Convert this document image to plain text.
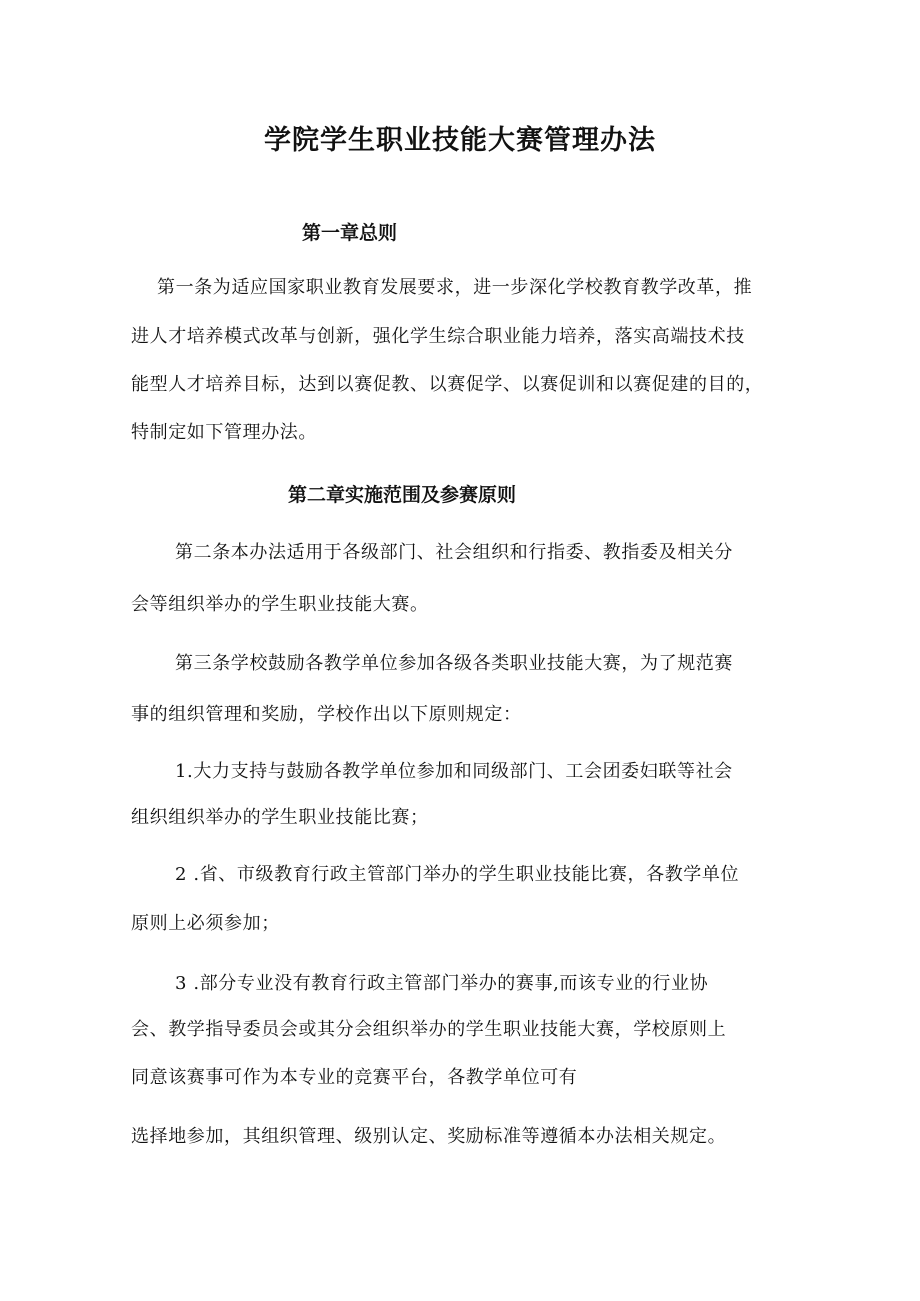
学院学生职业技能大赛管理办法
第一章总则

第一条为适应国家职业教育发展要求，进一步深化学校教育教学改革，推

进人才培养模式改革与创新，强化学生综合职业能力培养，落实高端技术技

能型人才培养目标，达到以赛促教、以赛促学、以赛促训和以赛促建的目的，

特制定如下管理办法。

第二章实施范围及参赛原则

第二条本办法适用于各级部门、社会组织和行指委、教指委及相关分

会等组织举办的学生职业技能大赛。

第三条学校鼓励各教学单位参加各级各类职业技能大赛，为了规范赛

事的组织管理和奖励，学校作出以下原则规定：

1.大力支持与鼓励各教学单位参加和同级部门、工会团委妇联等社会

组织组织举办的学生职业技能比赛；

2 .省、市级教育行政主管部门举办的学生职业技能比赛，各教学单位

原则上必须参加；

3 .部分专业没有教育行政主管部门举办的赛事,而该专业的行业协

会、教学指导委员会或其分会组织举办的学生职业技能大赛，学校原则上

同意该赛事可作为本专业的竞赛平台，各教学单位可有

选择地参加，其组织管理、级别认定、奖励标准等遵循本办法相关规定。
